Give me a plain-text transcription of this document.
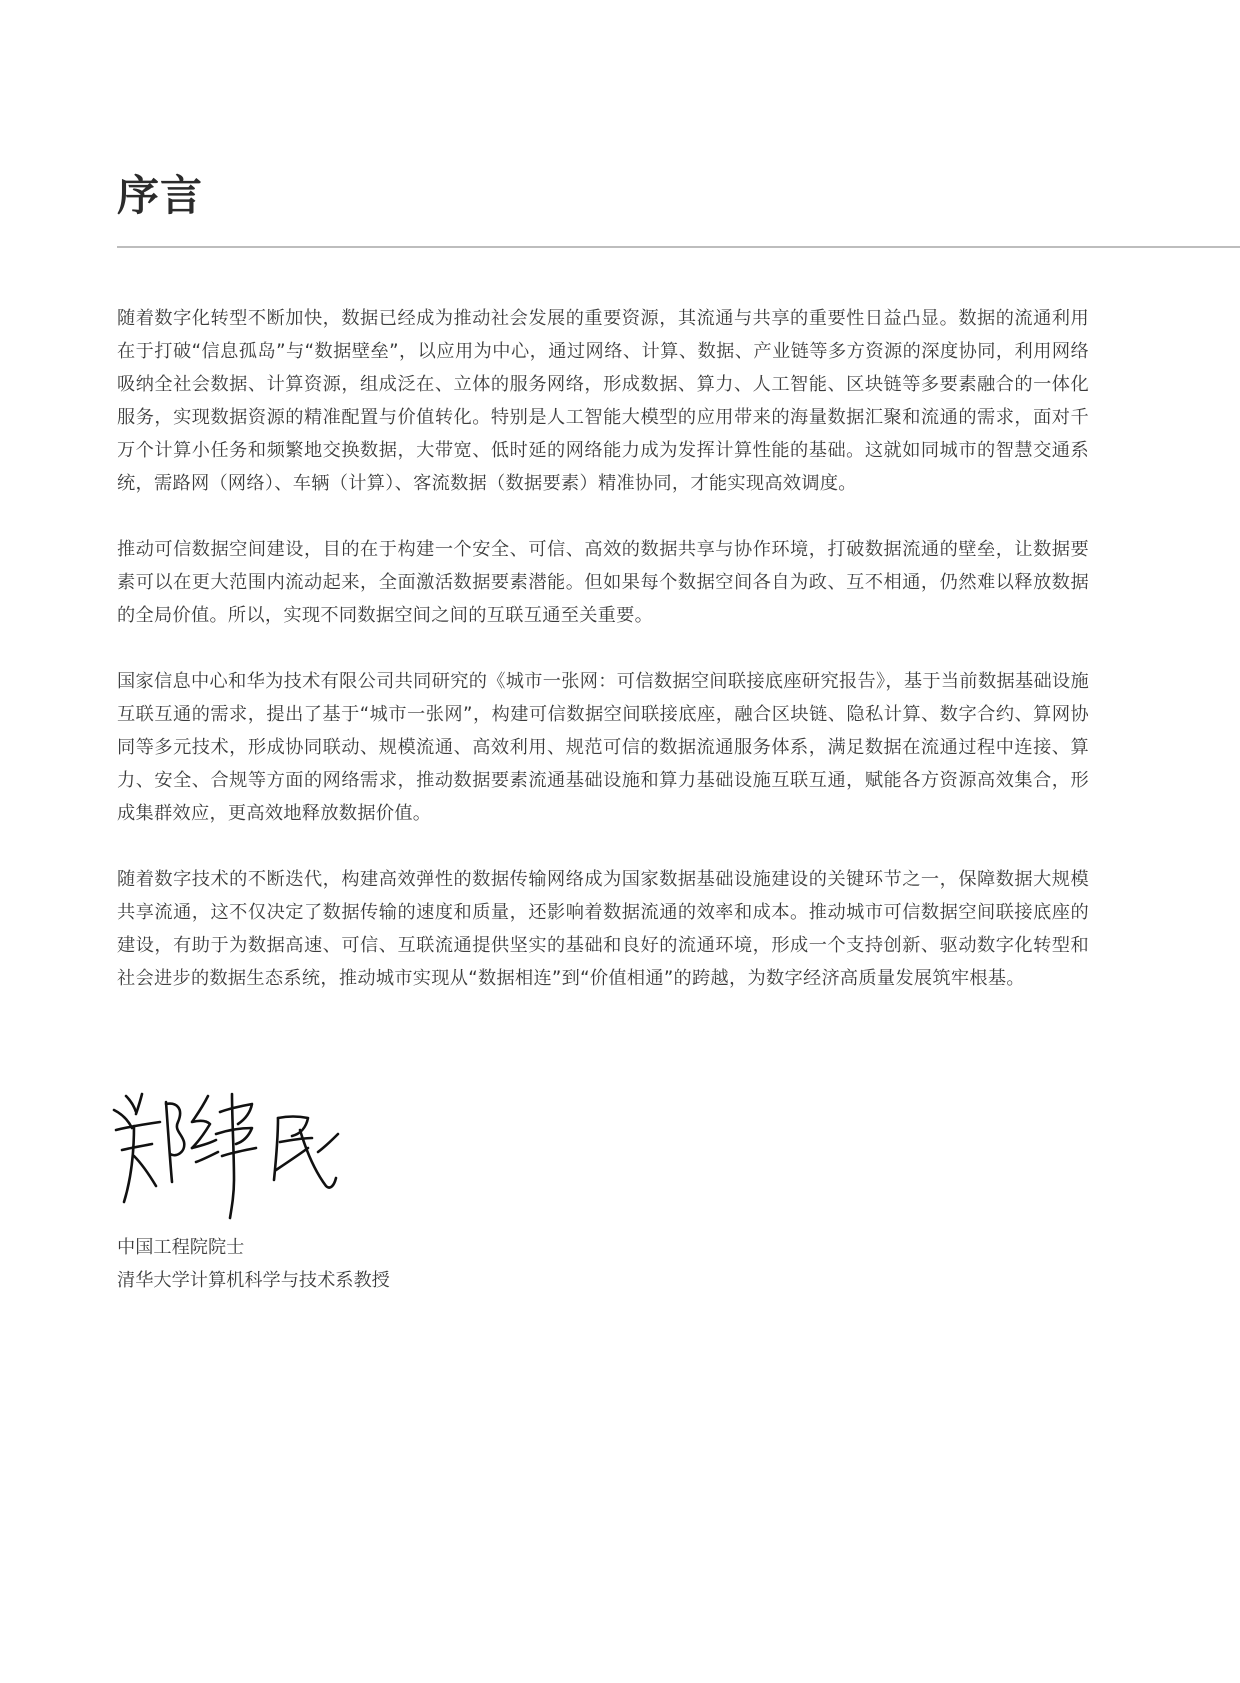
序言

随着数字化转型不断加快，数据已经成为推动社会发展的重要资源，其流通与共享的重要性日益凸显。数据的流通利用在于打破“信息孤岛”与“数据壁垒”，以应用为中心，通过网络、计算、数据、产业链等多方资源的深度协同，利用网络吸纳全社会数据、计算资源，组成泛在、立体的服务网络，形成数据、算力、人工智能、区块链等多要素融合的一体化服务，实现数据资源的精准配置与价值转化。特别是人工智能大模型的应用带来的海量数据汇聚和流通的需求，面对千万个计算小任务和频繁地交换数据，大带宽、低时延的网络能力成为发挥计算性能的基础。这就如同城市的智慧交通系统，需路网（网络）、车辆（计算）、客流数据（数据要素）精准协同，才能实现高效调度。

推动可信数据空间建设，目的在于构建一个安全、可信、高效的数据共享与协作环境，打破数据流通的壁垒，让数据要素可以在更大范围内流动起来，全面激活数据要素潜能。但如果每个数据空间各自为政、互不相通，仍然难以释放数据的全局价值。所以，实现不同数据空间之间的互联互通至关重要。

国家信息中心和华为技术有限公司共同研究的《城市一张网：可信数据空间联接底座研究报告》，基于当前数据基础设施互联互通的需求，提出了基于“城市一张网”，构建可信数据空间联接底座，融合区块链、隐私计算、数字合约、算网协同等多元技术，形成协同联动、规模流通、高效利用、规范可信的数据流通服务体系，满足数据在流通过程中连接、算力、安全、合规等方面的网络需求，推动数据要素流通基础设施和算力基础设施互联互通，赋能各方资源高效集合，形成集群效应，更高效地释放数据价值。

随着数字技术的不断迭代，构建高效弹性的数据传输网络成为国家数据基础设施建设的关键环节之一，保障数据大规模共享流通，这不仅决定了数据传输的速度和质量，还影响着数据流通的效率和成本。推动城市可信数据空间联接底座的建设，有助于为数据高速、可信、互联流通提供坚实的基础和良好的流通环境，形成一个支持创新、驱动数字化转型和社会进步的数据生态系统，推动城市实现从“数据相连”到“价值相通”的跨越，为数字经济高质量发展筑牢根基。

中国工程院院士
清华大学计算机科学与技术系教授
